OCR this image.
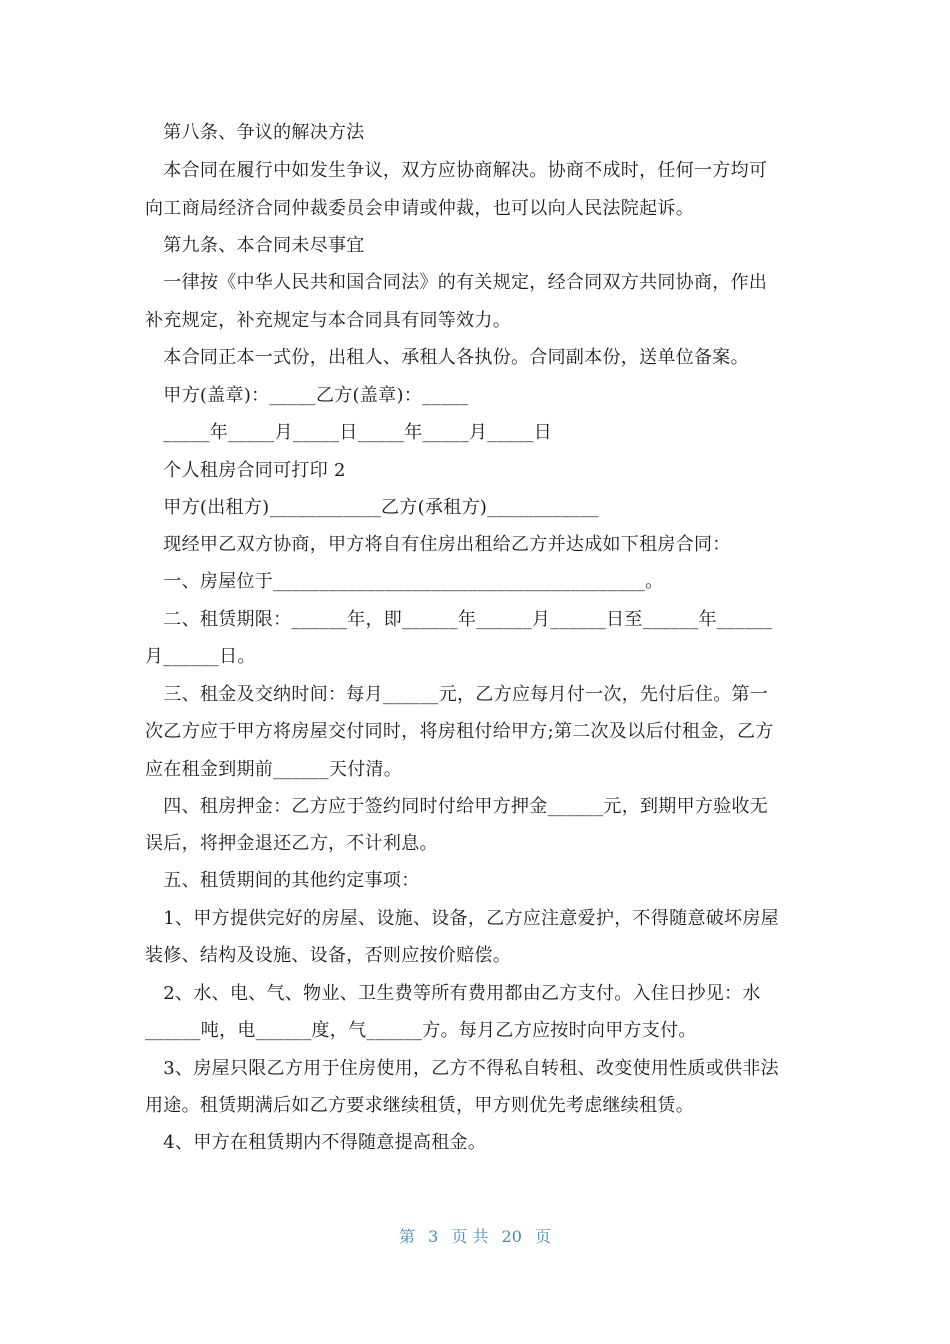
　第八条、争议的解决方法
　本合同在履行中如发生争议，双方应协商解决。协商不成时，任何一方均可
向工商局经济合同仲裁委员会申请或仲裁，也可以向人民法院起诉。
　第九条、本合同未尽事宜
　一律按《中华人民共和国合同法》的有关规定，经合同双方共同协商，作出
补充规定，补充规定与本合同具有同等效力。
　本合同正本一式份，出租人、承租人各执份。合同副本份，送单位备案。
　甲方(盖章)：_____乙方(盖章)：_____
　_____年_____月_____日_____年_____月_____日
　个人租房合同可打印 2
　甲方(出租方)____________乙方(承租方)____________
　现经甲乙双方协商，甲方将自有住房出租给乙方并达成如下租房合同：
　一、房屋位于________________________________________。
　二、租赁期限：______年，即______年______月______日至______年______
月______日。
　三、租金及交纳时间：每月______元，乙方应每月付一次，先付后住。第一
次乙方应于甲方将房屋交付同时，将房租付给甲方;第二次及以后付租金，乙方
应在租金到期前______天付清。
　四、租房押金：乙方应于签约同时付给甲方押金______元，到期甲方验收无
误后，将押金退还乙方，不计利息。
　五、租赁期间的其他约定事项：
　1、甲方提供完好的房屋、设施、设备，乙方应注意爱护，不得随意破坏房屋
装修、结构及设施、设备，否则应按价赔偿。
　2、水、电、气、物业、卫生费等所有费用都由乙方支付。入住日抄见：水
______吨，电______度，气______方。每月乙方应按时向甲方支付。
　3、房屋只限乙方用于住房使用，乙方不得私自转租、改变使用性质或供非法
用途。租赁期满后如乙方要求继续租赁，甲方则优先考虑继续租赁。
　4、甲方在租赁期内不得随意提高租金。
第 3 页 共 20 页
